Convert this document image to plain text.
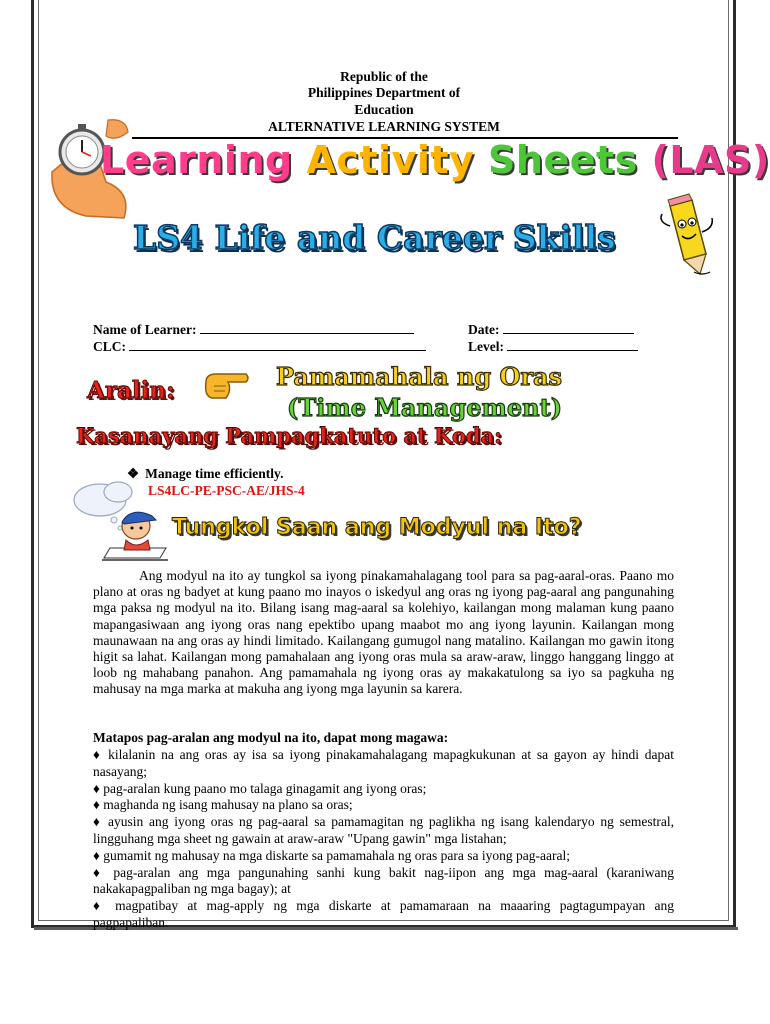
Republic of the
Philippines Department of
Education
ALTERNATIVE LEARNING SYSTEM
Learning Activity Sheets (LAS)
LS4 Life and Career Skills
Name of Learner:	Date:
CLC:	Level:
Aralin:	Pamamahala ng Oras
(Time Management)
Kasanayang Pampagkatuto at Koda:
❖ Manage time efficiently.
LS4LC-PE-PSC-AE/JHS-4
Tungkol Saan ang Modyul na Ito?
Ang modyul na ito ay tungkol sa iyong pinakamahalagang tool para sa pag-aaral-oras. Paano mo plano at oras ng badyet at kung paano mo inayos o iskedyul ang oras ng iyong pag-aaral ang pangunahing mga paksa ng modyul na ito. Bilang isang mag-aaral sa kolehiyo, kailangan mong malaman kung paano mapangasiwaan ang iyong oras nang epektibo upang maabot mo ang iyong layunin. Kailangan mong maunawaan na ang oras ay hindi limitado. Kailangang gumugol nang matalino. Kailangan mo gawin itong higit sa lahat. Kailangan mong pamahalaan ang iyong oras mula sa araw-araw, linggo hanggang linggo at loob ng mahabang panahon. Ang pamamahala ng iyong oras ay makakatulong sa iyo sa pagkuha ng mahusay na mga marka at makuha ang iyong mga layunin sa karera.
Matapos pag-aralan ang modyul na ito, dapat mong magawa:
♦ kilalanin na ang oras ay isa sa iyong pinakamahalagang mapagkukunan at sa gayon ay hindi dapat nasayang;
♦ pag-aralan kung paano mo talaga ginagamit ang iyong oras;
♦ maghanda ng isang mahusay na plano sa oras;
♦ ayusin ang iyong oras ng pag-aaral sa pamamagitan ng paglikha ng isang kalendaryo ng semestral, lingguhang mga sheet ng gawain at araw-araw "Upang gawin" mga listahan;
♦ gumamit ng mahusay na mga diskarte sa pamamahala ng oras para sa iyong pag-aaral;
♦ pag-aralan ang mga pangunahing sanhi kung bakit nag-iipon ang mga mag-aaral (karaniwang nakakapagpaliban ng mga bagay); at
♦ magpatibay at mag-apply ng mga diskarte at pamamaraan na maaaring pagtagumpayan ang pagpapaliban.
